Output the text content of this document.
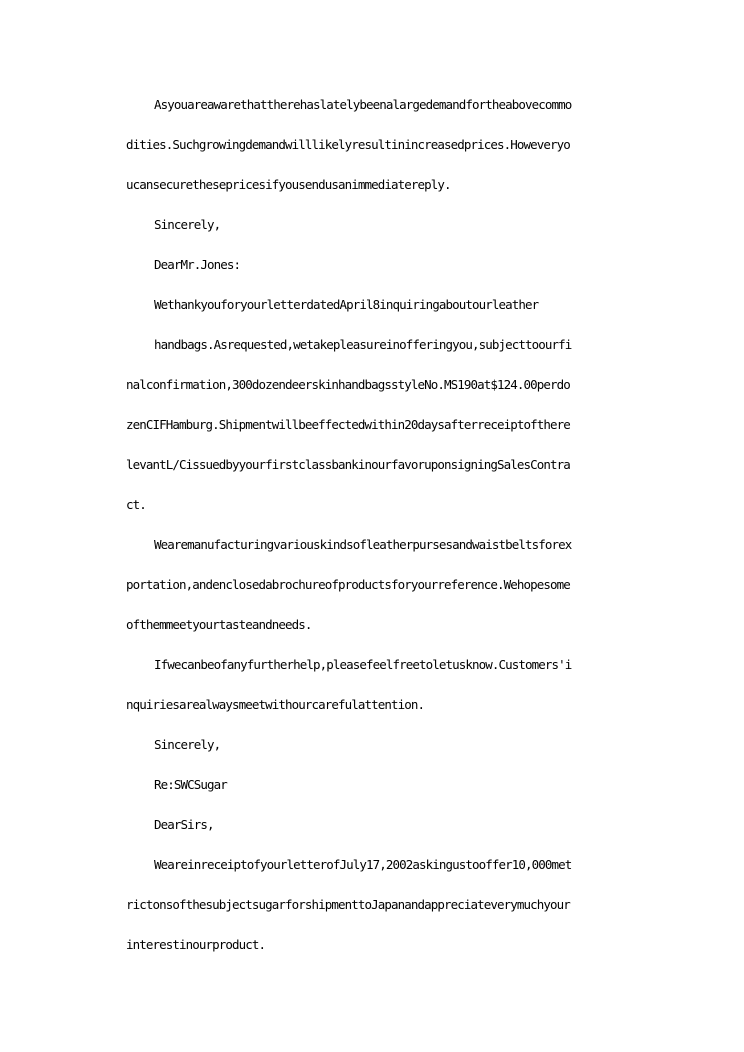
Asyouareawarethattherehaslatelybeenalargedemandfortheabovecommo
dities.Suchgrowingdemandwilllikelyresultinincreasedprices.Howeveryo
ucansecurethesepricesifyousendusanimmediatereply.
Sincerely,
DearMr.Jones:
WethankyouforyourletterdatedApril8inquiringaboutourleather
handbags.Asrequested,wetakepleasureinofferingyou,subjecttoourfi
nalconfirmation,300dozendeerskinhandbagsstyleNo.MS190at$124.00perdo
zenCIFHamburg.Shipmentwillbeeffectedwithin20daysafterreceiptofthere
levantL/CissuedbyyourfirstclassbankinourfavoruponsigningSalesContra
ct.
Wearemanufacturingvariouskindsofleatherpursesandwaistbeltsforex
portation,andenclosedabrochureofproductsforyourreference.Wehopesome
ofthemmeetyourtasteandneeds.
Ifwecanbeofanyfurtherhelp,pleasefeelfreetoletusknow.Customers'i
nquiriesarealwaysmeetwithourcarefulattention.
Sincerely,
Re:SWCSugar
DearSirs,
WeareinreceiptofyourletterofJuly17,2002askingustooffer10,000met
rictonsofthesubjectsugarforshipmenttoJapanandappreciateverymuchyour
interestinourproduct.
